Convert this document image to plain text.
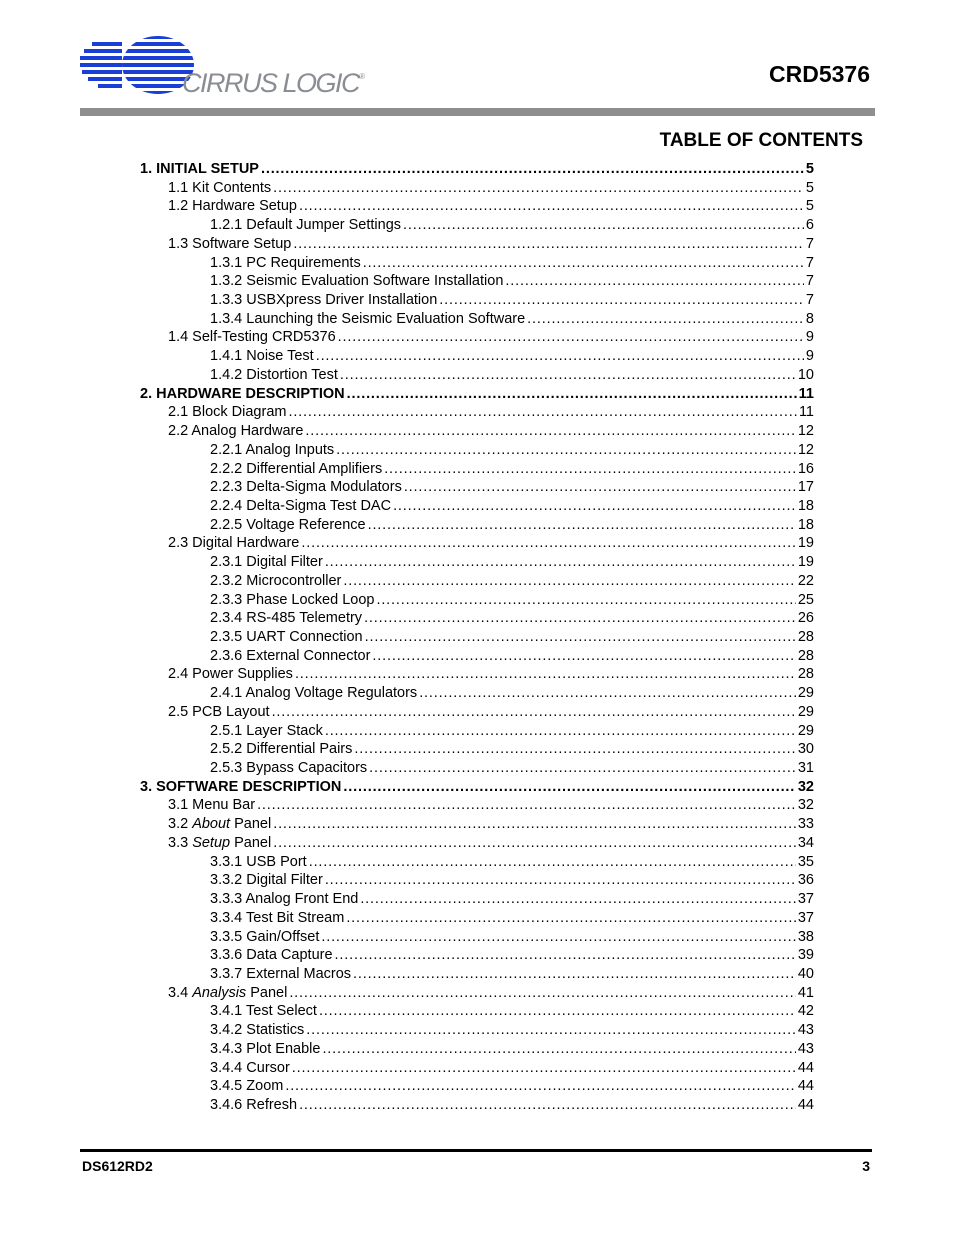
CIRRUS LOGIC®	CRD5376
TABLE OF CONTENTS
1. INITIAL SETUP . . .	5
1.1 Kit Contents . . .	5
1.2 Hardware Setup . . .	5
1.2.1 Default Jumper Settings . . .	6
1.3 Software Setup . . .	7
1.3.1 PC Requirements . . .	7
1.3.2 Seismic Evaluation Software Installation . . .	7
1.3.3 USBXpress Driver Installation . . .	7
1.3.4 Launching the Seismic Evaluation Software . . .	8
1.4 Self-Testing CRD5376 . . .	9
1.4.1 Noise Test . . .	9
1.4.2 Distortion Test . . .	10
2. HARDWARE DESCRIPTION . . .	11
2.1 Block Diagram . . .	11
2.2 Analog Hardware . . .	12
2.2.1 Analog Inputs . . .	12
2.2.2 Differential Amplifiers . . .	16
2.2.3 Delta-Sigma Modulators . . .	17
2.2.4 Delta-Sigma Test DAC . . .	18
2.2.5 Voltage Reference . . .	18
2.3 Digital Hardware . . .	19
2.3.1 Digital Filter . . .	19
2.3.2 Microcontroller . . .	22
2.3.3 Phase Locked Loop . . .	25
2.3.4 RS-485 Telemetry . . .	26
2.3.5 UART Connection . . .	28
2.3.6 External Connector . . .	28
2.4 Power Supplies . . .	28
2.4.1 Analog Voltage Regulators . . .	29
2.5 PCB Layout . . .	29
2.5.1 Layer Stack . . .	29
2.5.2 Differential Pairs . . .	30
2.5.3 Bypass Capacitors . . .	31
3. SOFTWARE DESCRIPTION . . .	32
3.1 Menu Bar . . .	32
3.2 About Panel . . .	33
3.3 Setup Panel . . .	34
3.3.1 USB Port . . .	35
3.3.2 Digital Filter . . .	36
3.3.3 Analog Front End . . .	37
3.3.4 Test Bit Stream . . .	37
3.3.5 Gain/Offset . . .	38
3.3.6 Data Capture . . .	39
3.3.7 External Macros . . .	40
3.4 Analysis Panel . . .	41
3.4.1 Test Select . . .	42
3.4.2 Statistics . . .	43
3.4.3 Plot Enable . . .	43
3.4.4 Cursor . . .	44
3.4.5 Zoom . . .	44
3.4.6 Refresh . . .	44
DS612RD2	3
